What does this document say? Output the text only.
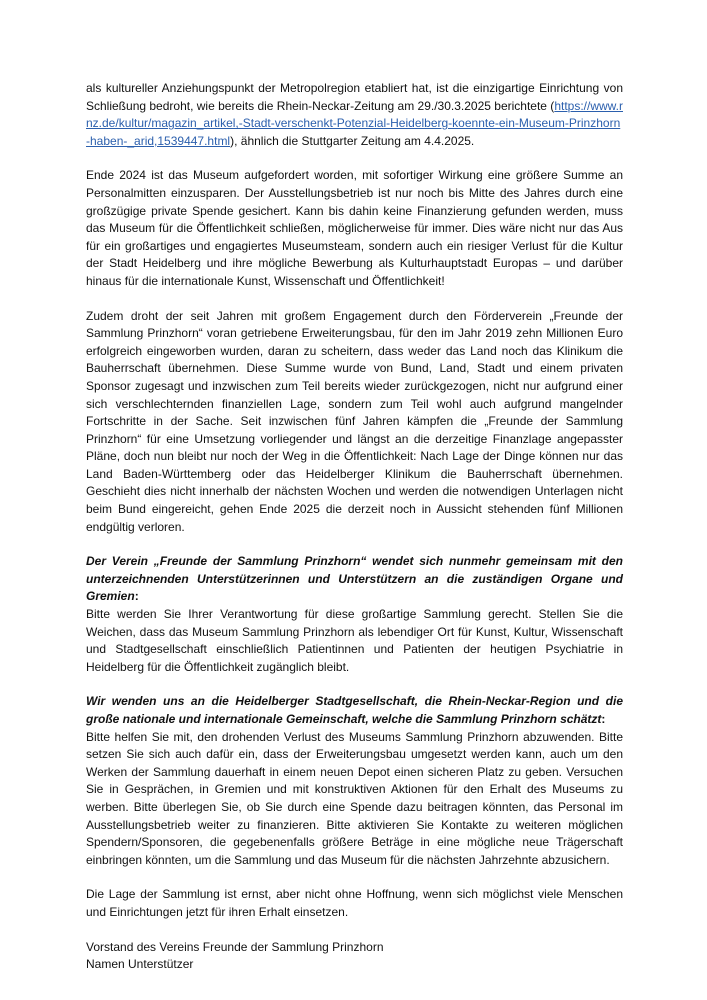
als kultureller Anziehungspunkt der Metropolregion etabliert hat, ist die einzigartige Einrichtung von Schließung bedroht, wie bereits die Rhein-Neckar-Zeitung am 29./30.3.2025 berichtete (https://www.rnz.de/kultur/magazin_artikel,-Stadt-verschenkt-Potenzial-Heidelberg-koennte-ein-Museum-Prinzhorn-haben-_arid,1539447.html), ähnlich die Stuttgarter Zeitung am 4.4.2025.

Ende 2024 ist das Museum aufgefordert worden, mit sofortiger Wirkung eine größere Summe an Personalmitten einzusparen. Der Ausstellungsbetrieb ist nur noch bis Mitte des Jahres durch eine großzügige private Spende gesichert. Kann bis dahin keine Finanzierung gefunden werden, muss das Museum für die Öffentlichkeit schließen, möglicherweise für immer. Dies wäre nicht nur das Aus für ein großartiges und engagiertes Museumsteam, sondern auch ein riesiger Verlust für die Kultur der Stadt Heidelberg und ihre mögliche Bewerbung als Kulturhauptstadt Europas – und darüber hinaus für die internationale Kunst, Wissenschaft und Öffentlichkeit!

Zudem droht der seit Jahren mit großem Engagement durch den Förderverein „Freunde der Sammlung Prinzhorn“ voran getriebene Erweiterungsbau, für den im Jahr 2019 zehn Millionen Euro erfolgreich eingeworben wurden, daran zu scheitern, dass weder das Land noch das Klinikum die Bauherrschaft übernehmen. Diese Summe wurde von Bund, Land, Stadt und einem privaten Sponsor zugesagt und inzwischen zum Teil bereits wieder zurückgezogen, nicht nur aufgrund einer sich verschlechternden finanziellen Lage, sondern zum Teil wohl auch aufgrund mangelnder Fortschritte in der Sache. Seit inzwischen fünf Jahren kämpfen die „Freunde der Sammlung Prinzhorn“ für eine Umsetzung vorliegender und längst an die derzeitige Finanzlage angepasster Pläne, doch nun bleibt nur noch der Weg in die Öffentlichkeit: Nach Lage der Dinge können nur das Land Baden-Württemberg oder das Heidelberger Klinikum die Bauherrschaft übernehmen. Geschieht dies nicht innerhalb der nächsten Wochen und werden die notwendigen Unterlagen nicht beim Bund eingereicht, gehen Ende 2025 die derzeit noch in Aussicht stehenden fünf Millionen endgültig verloren.

Der Verein „Freunde der Sammlung Prinzhorn“ wendet sich nunmehr gemeinsam mit den unterzeichnenden Unterstützerinnen und Unterstützern an die zuständigen Organe und Gremien:
Bitte werden Sie Ihrer Verantwortung für diese großartige Sammlung gerecht. Stellen Sie die Weichen, dass das Museum Sammlung Prinzhorn als lebendiger Ort für Kunst, Kultur, Wissenschaft und Stadtgesellschaft einschließlich Patientinnen und Patienten der heutigen Psychiatrie in Heidelberg für die Öffentlichkeit zugänglich bleibt.

Wir wenden uns an die Heidelberger Stadtgesellschaft, die Rhein-Neckar-Region und die große nationale und internationale Gemeinschaft, welche die Sammlung Prinzhorn schätzt:
Bitte helfen Sie mit, den drohenden Verlust des Museums Sammlung Prinzhorn abzuwenden. Bitte setzen Sie sich auch dafür ein, dass der Erweiterungsbau umgesetzt werden kann, auch um den Werken der Sammlung dauerhaft in einem neuen Depot einen sicheren Platz zu geben. Versuchen Sie in Gesprächen, in Gremien und mit konstruktiven Aktionen für den Erhalt des Museums zu werben. Bitte überlegen Sie, ob Sie durch eine Spende dazu beitragen könnten, das Personal im Ausstellungsbetrieb weiter zu finanzieren. Bitte aktivieren Sie Kontakte zu weiteren möglichen Spendern/Sponsoren, die gegebenenfalls größere Beträge in eine mögliche neue Trägerschaft einbringen könnten, um die Sammlung und das Museum für die nächsten Jahrzehnte abzusichern.

Die Lage der Sammlung ist ernst, aber nicht ohne Hoffnung, wenn sich möglichst viele Menschen und Einrichtungen jetzt für ihren Erhalt einsetzen.

Vorstand des Vereins Freunde der Sammlung Prinzhorn
Namen Unterstützer
